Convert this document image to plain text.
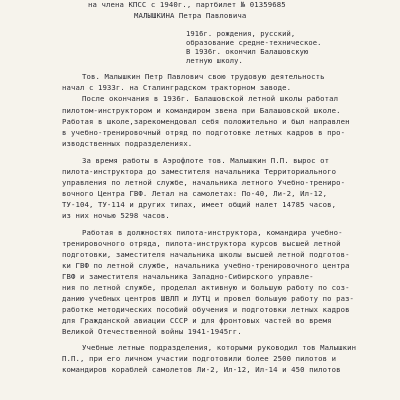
на члена КПСС с 1940г., партбилет № 01359685
МАЛЫШКИНА Петра Павловича
1916г. рождения, русский,
образование средне-техническое.
В 1936г. окончил Балашовскую
летную школу.
Тов. Малышкин Петр Павлович свою трудовую деятельность
начал с 1933г. на Сталинградском тракторном заводе.
После окончания в 1936г. Балашовской летной школы работал
пилотом-инструктором и командиром звена при Балашовской школе.
Работая в школе,зарекомендовал себя положительно и был направлен
в учебно-тренировочный отряд по подготовке летных кадров в про-
изводственных подразделениях.
За время работы в Аэрофлоте тов. Малышкин П.П. вырос от
пилота-инструктора до заместителя начальника Территориального
управления по летной службе, начальника летного Учебно-трениро-
вочного Центра ГВФ. Летал на самолетах: По-40, Ли-2, Ил-12,
ТУ-104, ТУ-114 и других типах, имеет общий налет 14785 часов,
из них ночью 5298 часов.
Работая в должностях пилота-инструктора, командира учебно-
тренировочного отряда, пилота-инструктора курсов высшей летной
подготовки, заместителя начальника школы высшей летной подготов-
ки ГВФ по летной службе, начальника учебно-тренировочного центра
ГВФ и заместителя начальника Западно-Сибирского управле-
ния по летной службе, проделал активную и большую работу по соз-
данию учебных центров ШВЛП и ЛУТЦ и провел большую работу по раз-
работке методических пособий обучения и подготовки летных кадров
для Гражданской авиации СССР и для фронтовых частей во время
Великой Отечественной войны 1941-1945гг.
Учебные летные подразделения, которыми руководил тов Малышкин
П.П., при его личном участии подготовили более 2500 пилотов и
командиров кораблей самолетов Ли-2, Ил-12, Ил-14 и 450 пилотов
